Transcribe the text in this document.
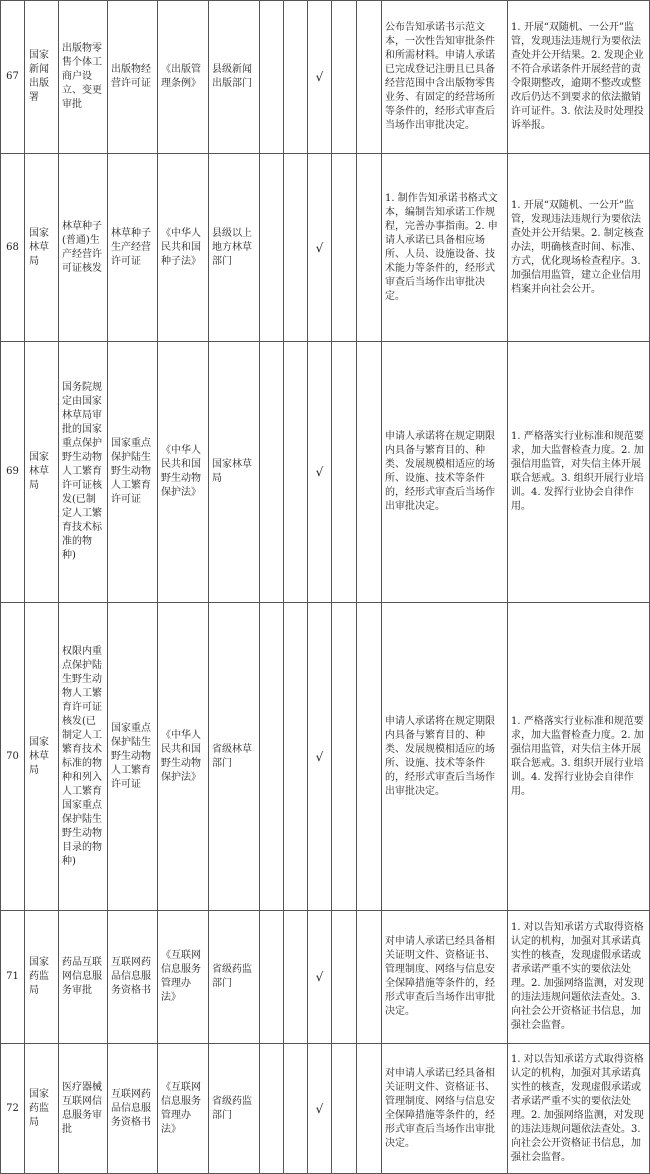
67	国家新闻出版署	出版物零售个体工商户设立、变更审批	出版物经营许可证	《出版管理条例》	县级新闻出版部门			√			公布告知承诺书示范文本，一次性告知审批条件和所需材料。申请人承诺已完成登记注册且已具备经营范围中含出版物零售业务、有固定的经营场所等条件的，经形式审查后当场作出审批决定。	1. 开展“双随机、一公开”监管，发现违法违规行为要依法查处并公开结果。2. 发现企业不符合承诺条件开展经营的责令限期整改，逾期不整改或整改后仍达不到要求的依法撤销许可证件。3. 依法及时处理投诉举报。
68	国家林草局	林草种子(普通)生产经营许可证核发	林草种子生产经营许可证	《中华人民共和国种子法》	县级以上地方林草部门			√			1. 制作告知承诺书格式文本，编制告知承诺工作规程，完善办事指南。2. 申请人承诺已具备相应场所、人员、设施设备、技术能力等条件的，经形式审查后当场作出审批决定。	1. 开展“双随机、一公开”监管，发现违法违规行为要依法查处并公开结果。2. 制定核查办法，明确核查时间、标准、方式，优化现场检查程序。3. 加强信用监管，建立企业信用档案并向社会公开。
69	国家林草局	国务院规定由国家林草局审批的国家重点保护野生动物人工繁育许可证核发(已制定人工繁育技术标准的物种)	国家重点保护陆生野生动物人工繁育许可证	《中华人民共和国野生动物保护法》	国家林草局			√			申请人承诺将在规定期限内具备与繁育目的、种类、发展规模相适应的场所、设施、技术等条件的，经形式审查后当场作出审批决定。	1. 严格落实行业标准和规范要求，加大监督检查力度。2. 加强信用监管，对失信主体开展联合惩戒。3. 组织开展行业培训。4. 发挥行业协会自律作用。
70	国家林草局	权限内重点保护陆生野生动物人工繁育许可证核发(已制定人工繁育技术标准的物种和列入人工繁育国家重点保护陆生野生动物目录的物种)	国家重点保护陆生野生动物人工繁育许可证	《中华人民共和国野生动物保护法》	省级林草部门			√			申请人承诺将在规定期限内具备与繁育目的、种类、发展规模相适应的场所、设施、技术等条件的，经形式审查后当场作出审批决定。	1. 严格落实行业标准和规范要求，加大监督检查力度。2. 加强信用监管，对失信主体开展联合惩戒。3. 组织开展行业培训。4. 发挥行业协会自律作用。
71	国家药监局	药品互联网信息服务审批	互联网药品信息服务资格书	《互联网信息服务管理办法》	省级药监部门			√			对申请人承诺已经具备相关证明文件、资格证书、管理制度、网络与信息安全保障措施等条件的，经形式审查后当场作出审批决定。	1. 对以告知承诺方式取得资格认定的机构，加强对其承诺真实性的核查，发现虚假承诺或者承诺严重不实的要依法处理。2. 加强网络监测，对发现的违法违规问题依法查处。3. 向社会公开资格证书信息，加强社会监督。
72	国家药监局	医疗器械互联网信息服务审批	互联网药品信息服务资格书	《互联网信息服务管理办法》	省级药监部门			√			对申请人承诺已经具备相关证明文件、资格证书、管理制度、网络与信息安全保障措施等条件的，经形式审查后当场作出审批决定。	1. 对以告知承诺方式取得资格认定的机构，加强对其承诺真实性的核查，发现虚假承诺或者承诺严重不实的要依法处理。2. 加强网络监测，对发现的违法违规问题依法查处。3. 向社会公开资格证书信息，加强社会监督。
